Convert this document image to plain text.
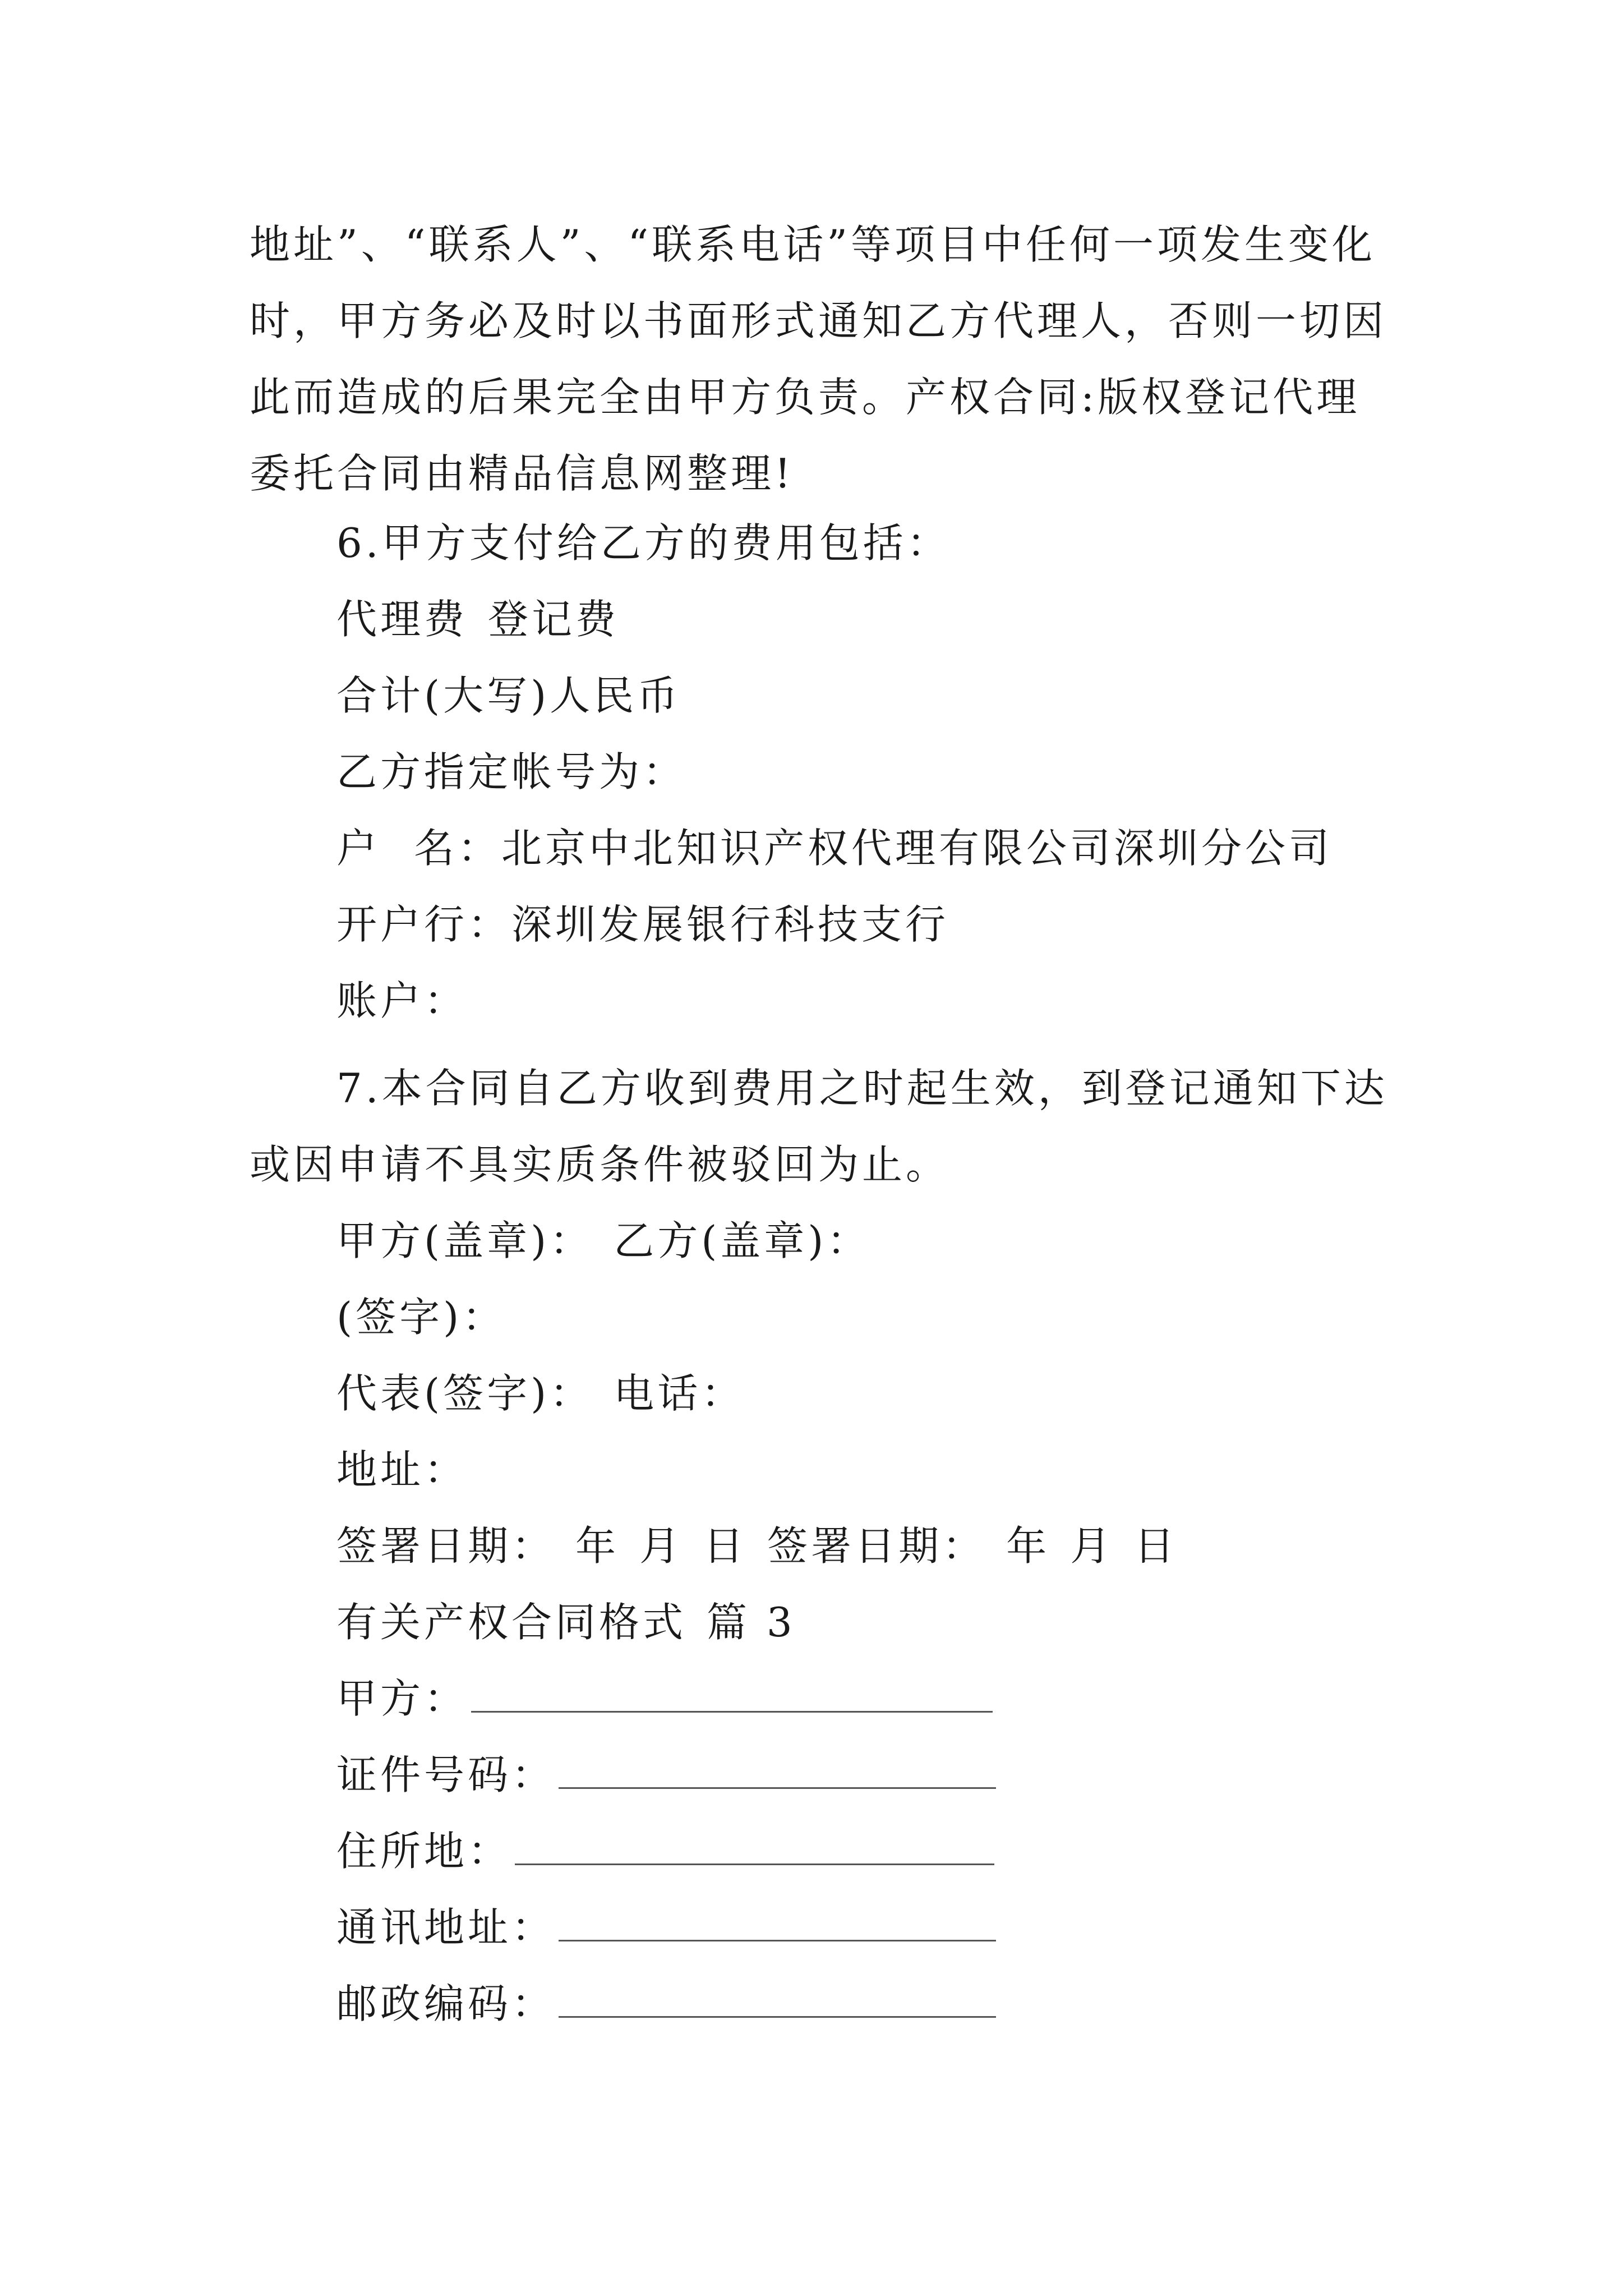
地址”、“联系人”、“联系电话”等项目中任何一项发生变化时，甲方务必及时以书面形式通知乙方代理人，否则一切因此而造成的后果完全由甲方负责。产权合同:版权登记代理委托合同由精品信息网整理!

6.甲方支付给乙方的费用包括：
代理费 登记费
合计(大写)人民币
乙方指定帐号为：
户 名：北京中北知识产权代理有限公司深圳分公司
开户行：深圳发展银行科技支行
账户：

7.本合同自乙方收到费用之时起生效，到登记通知下达或因申请不具实质条件被驳回为止。

甲方(盖章)： 乙方(盖章)：
(签字)：
代表(签字)： 电话：
地址：
签署日期： 年 月 日 签署日期： 年 月 日
有关产权合同格式 篇 3
甲方：
证件号码：
住所地：
通讯地址：
邮政编码：
